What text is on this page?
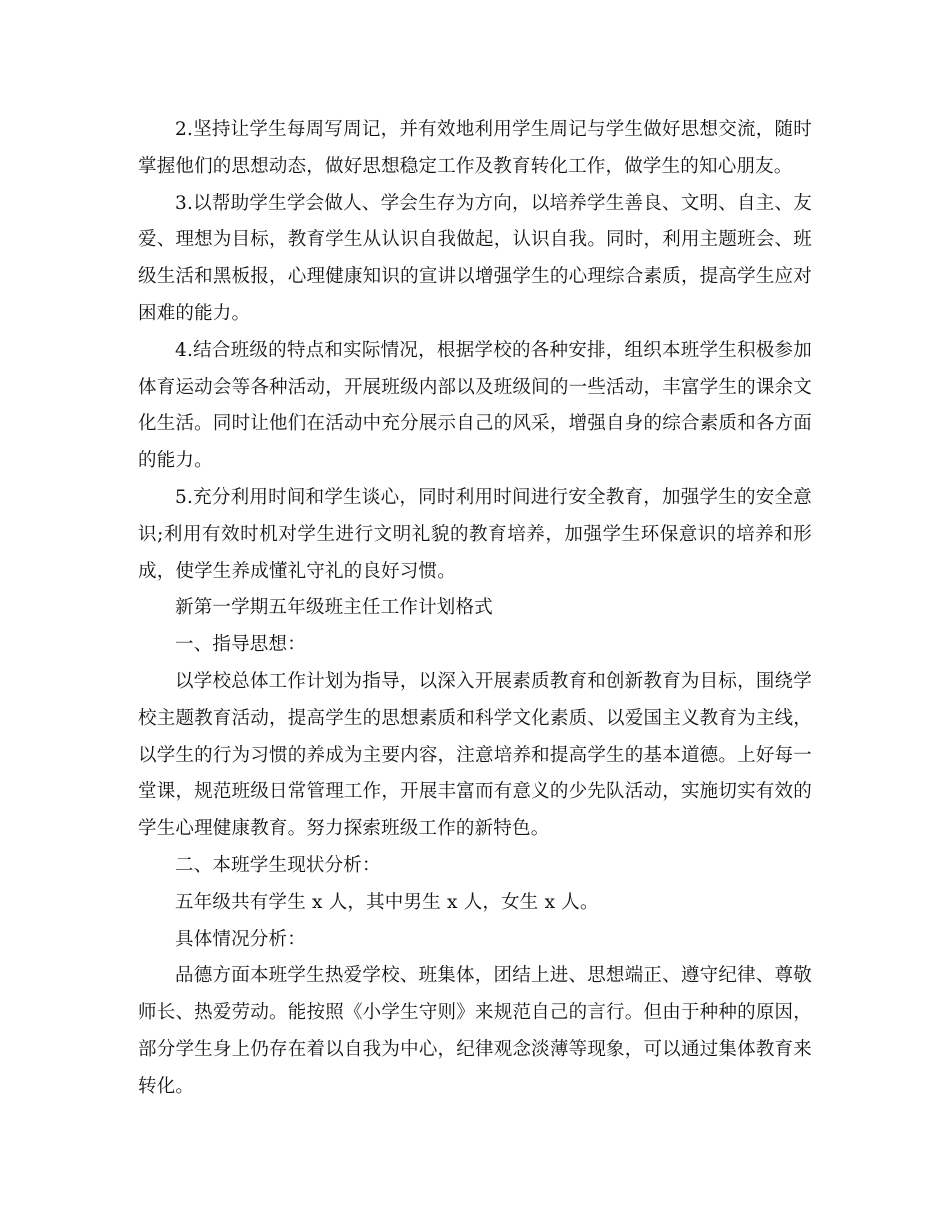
2.坚持让学生每周写周记，并有效地利用学生周记与学生做好思想交流，随时掌握他们的思想动态，做好思想稳定工作及教育转化工作，做学生的知心朋友。

3.以帮助学生学会做人、学会生存为方向，以培养学生善良、文明、自主、友爱、理想为目标，教育学生从认识自我做起，认识自我。同时，利用主题班会、班级生活和黑板报，心理健康知识的宣讲以增强学生的心理综合素质，提高学生应对困难的能力。

4.结合班级的特点和实际情况，根据学校的各种安排，组织本班学生积极参加体育运动会等各种活动，开展班级内部以及班级间的一些活动，丰富学生的课余文化生活。同时让他们在活动中充分展示自己的风采，增强自身的综合素质和各方面的能力。

5.充分利用时间和学生谈心，同时利用时间进行安全教育，加强学生的安全意识;利用有效时机对学生进行文明礼貌的教育培养，加强学生环保意识的培养和形成，使学生养成懂礼守礼的良好习惯。

新第一学期五年级班主任工作计划格式

一、指导思想：

以学校总体工作计划为指导，以深入开展素质教育和创新教育为目标，围绕学校主题教育活动，提高学生的思想素质和科学文化素质、以爱国主义教育为主线，以学生的行为习惯的养成为主要内容，注意培养和提高学生的基本道德。上好每一堂课，规范班级日常管理工作，开展丰富而有意义的少先队活动，实施切实有效的学生心理健康教育。努力探索班级工作的新特色。

二、本班学生现状分析：

五年级共有学生 x 人，其中男生 x 人，女生 x 人。

具体情况分析：

品德方面本班学生热爱学校、班集体，团结上进、思想端正、遵守纪律、尊敬师长、热爱劳动。能按照《小学生守则》来规范自己的言行。但由于种种的原因，部分学生身上仍存在着以自我为中心，纪律观念淡薄等现象，可以通过集体教育来转化。
